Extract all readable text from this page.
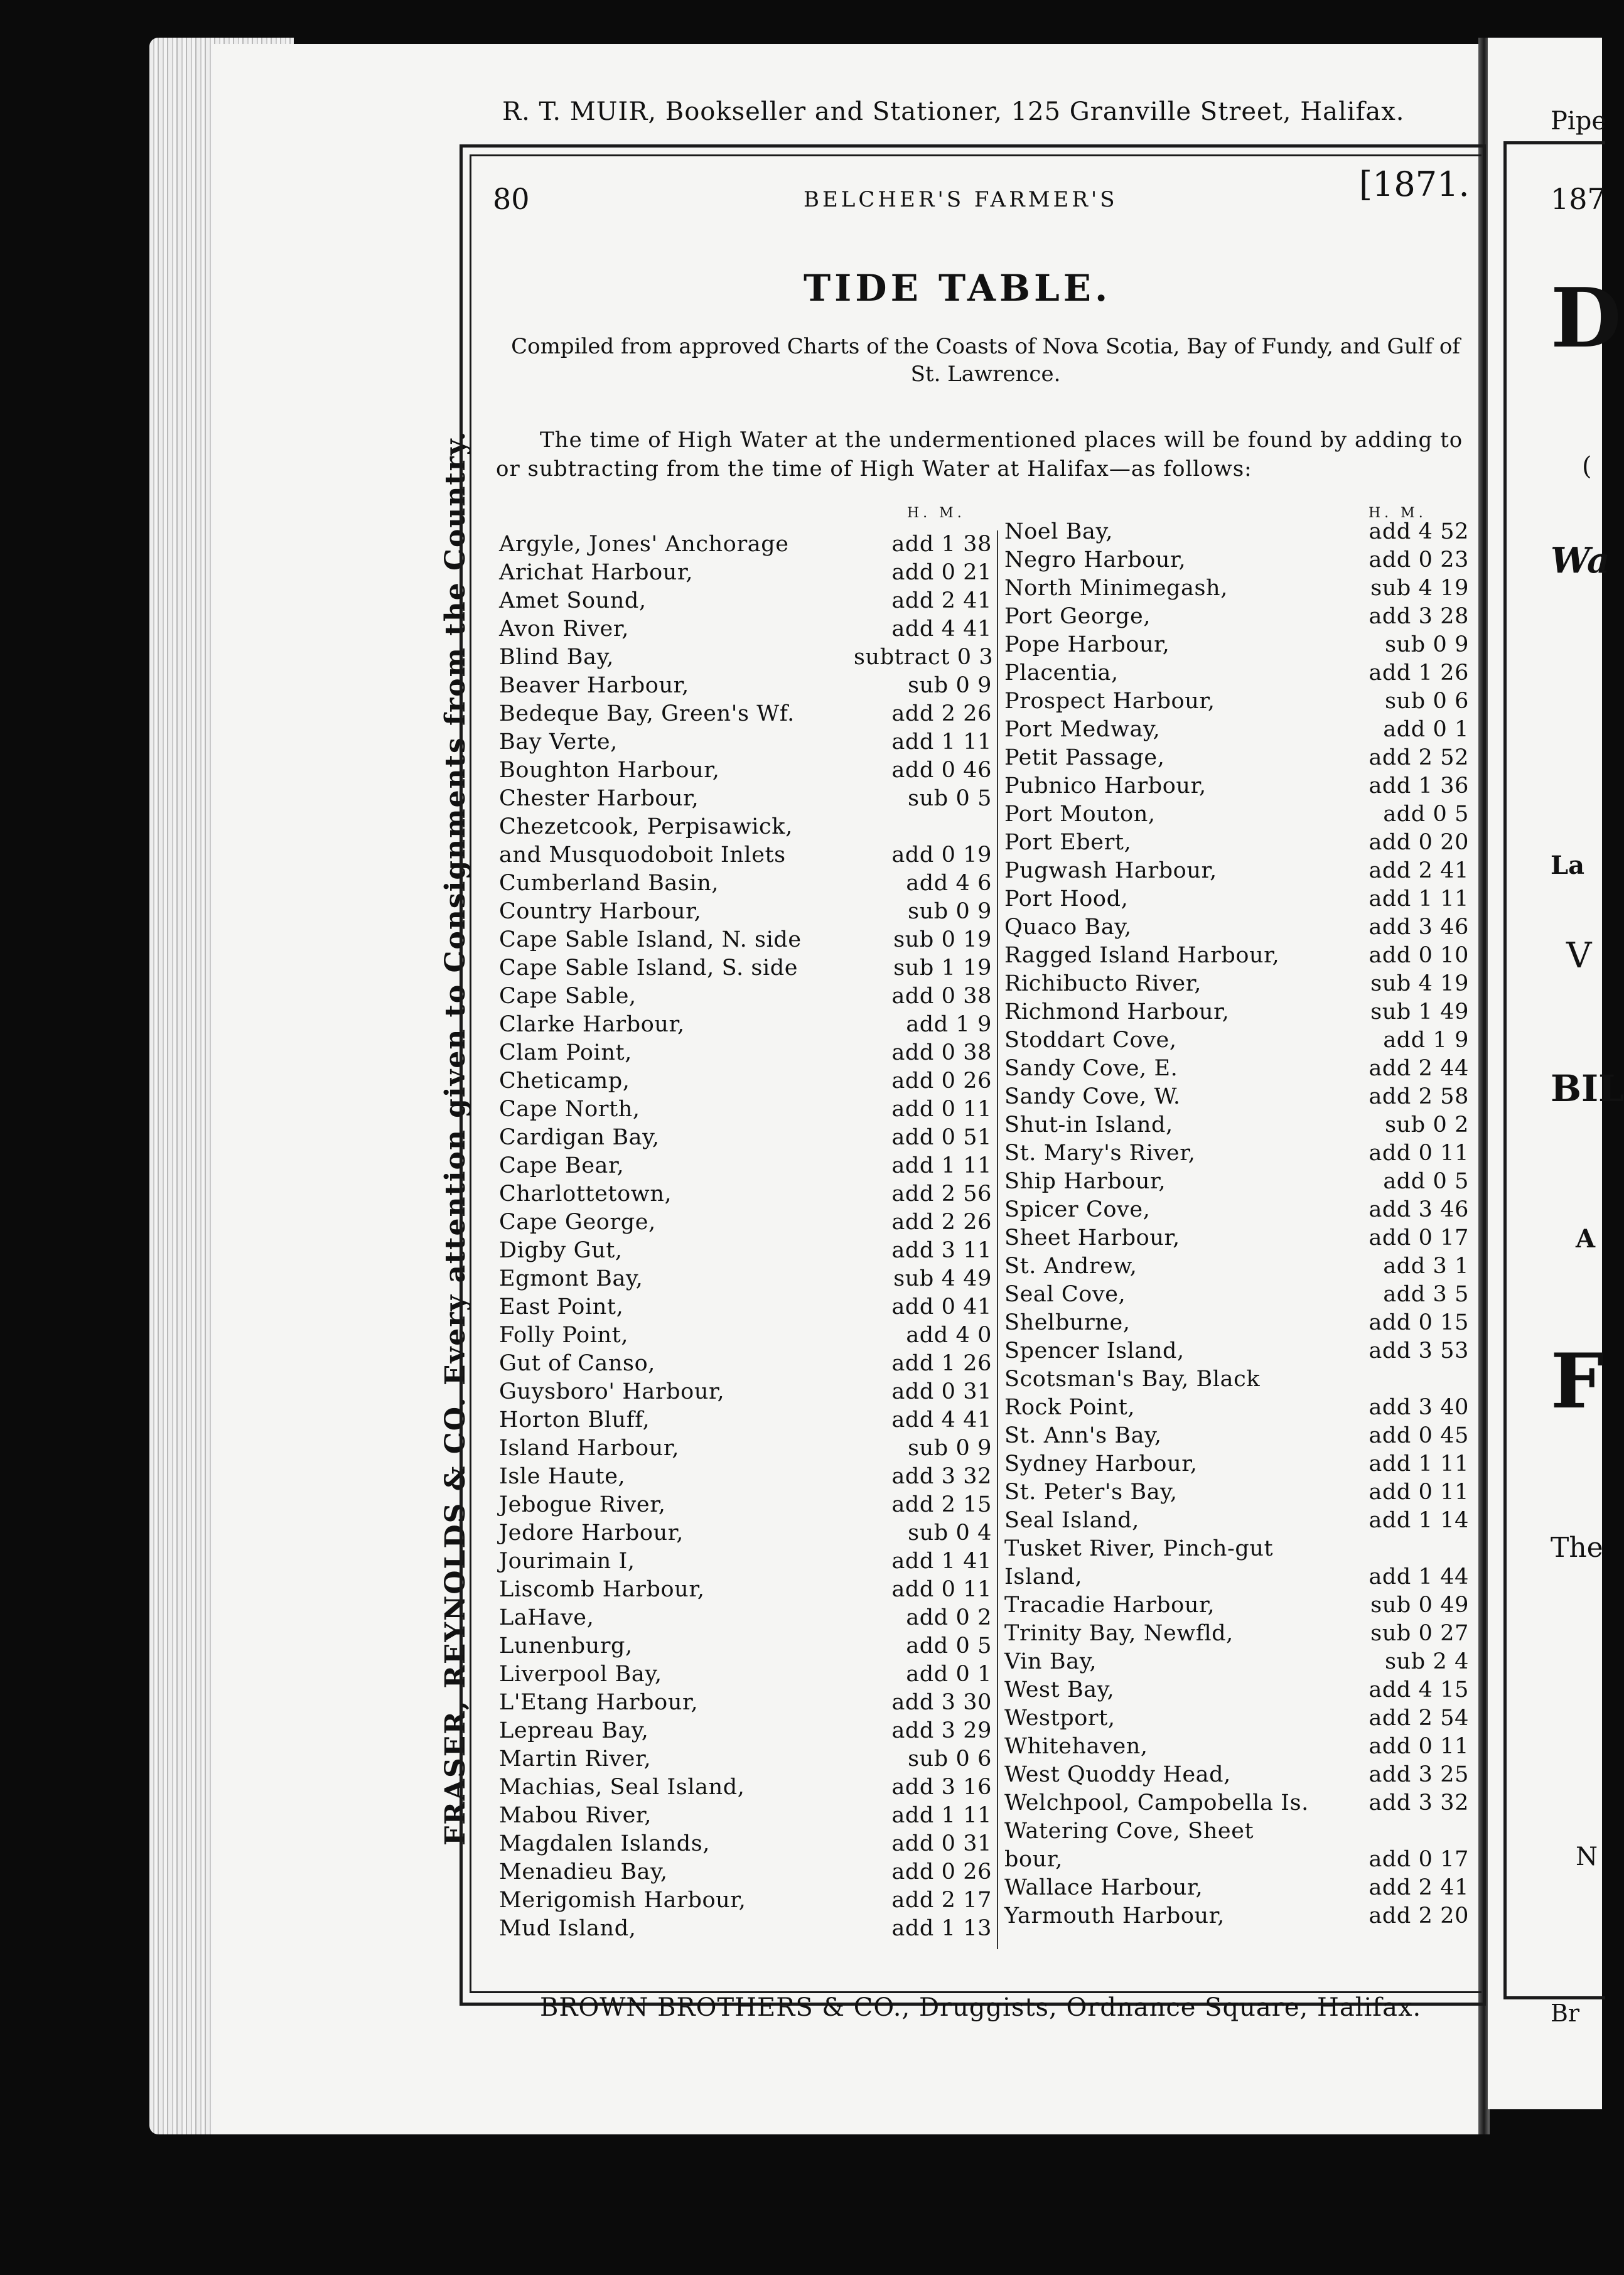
R. T. MUIR, Bookseller and Stationer, 125 Granville Street, Halifax.
FRASER, REYNOLDS & CO. Every attention given to Consignments from the Country.
80	BELCHER'S FARMER'S	[1871.
TIDE TABLE.
Compiled from approved Charts of the Coasts of Nova Scotia, Bay of Fundy, and Gulf of St. Lawrence.
The time of High Water at the undermentioned places will be found by adding to or subtracting from the time of High Water at Halifax—as follows:
H. M.	H. M.
Argyle, Jones' Anchorage	add 1 38
Arichat Harbour,	add 0 21
Amet Sound,	add 2 41
Avon River,	add 4 41
Blind Bay,	subtract 0 3
Beaver Harbour,	sub 0 9
Bedeque Bay, Green's Wf.	add 2 26
Bay Verte,	add 1 11
Boughton Harbour,	add 0 46
Chester Harbour,	sub 0 5
Chezetcook, Perpisawick,
and Musquodoboit Inlets	add 0 19
Cumberland Basin,	add 4 6
Country Harbour,	sub 0 9
Cape Sable Island, N. side	sub 0 19
Cape Sable Island, S. side	sub 1 19
Cape Sable,	add 0 38
Clarke Harbour,	add 1 9
Clam Point,	add 0 38
Cheticamp,	add 0 26
Cape North,	add 0 11
Cardigan Bay,	add 0 51
Cape Bear,	add 1 11
Charlottetown,	add 2 56
Cape George,	add 2 26
Digby Gut,	add 3 11
Egmont Bay,	sub 4 49
East Point,	add 0 41
Folly Point,	add 4 0
Gut of Canso,	add 1 26
Guysboro' Harbour,	add 0 31
Horton Bluff,	add 4 41
Island Harbour,	sub 0 9
Isle Haute,	add 3 32
Jebogue River,	add 2 15
Jedore Harbour,	sub 0 4
Jourimain I,	add 1 41
Liscomb Harbour,	add 0 11
LaHave,	add 0 2
Lunenburg,	add 0 5
Liverpool Bay,	add 0 1
L'Etang Harbour,	add 3 30
Lepreau Bay,	add 3 29
Martin River,	sub 0 6
Machias, Seal Island,	add 3 16
Mabou River,	add 1 11
Magdalen Islands,	add 0 31
Menadieu Bay,	add 0 26
Merigomish Harbour,	add 2 17
Mud Island,	add 1 13
Noel Bay,	add 4 52
Negro Harbour,	add 0 23
North Minimegash,	sub 4 19
Port George,	add 3 28
Pope Harbour,	sub 0 9
Placentia,	add 1 26
Prospect Harbour,	sub 0 6
Port Medway,	add 0 1
Petit Passage,	add 2 52
Pubnico Harbour,	add 1 36
Port Mouton,	add 0 5
Port Ebert,	add 0 20
Pugwash Harbour,	add 2 41
Port Hood,	add 1 11
Quaco Bay,	add 3 46
Ragged Island Harbour,	add 0 10
Richibucto River,	sub 4 19
Richmond Harbour,	sub 1 49
Stoddart Cove,	add 1 9
Sandy Cove, E.	add 2 44
Sandy Cove, W.	add 2 58
Shut-in Island,	sub 0 2
St. Mary's River,	add 0 11
Ship Harbour,	add 0 5
Spicer Cove,	add 3 46
Sheet Harbour,	add 0 17
St. Andrew,	add 3 1
Seal Cove,	add 3 5
Shelburne,	add 0 15
Spencer Island,	add 3 53
Scotsman's Bay, Black
Rock Point,	add 3 40
St. Ann's Bay,	add 0 45
Sydney Harbour,	add 1 11
St. Peter's Bay,	add 0 11
Seal Island,	add 1 14
Tusket River, Pinch-gut
Island,	add 1 44
Tracadie Harbour,	sub 0 49
Trinity Bay, Newfld,	sub 0 27
Vin Bay,	sub 2 4
West Bay,	add 4 15
Westport,	add 2 54
Whitehaven,	add 0 11
West Quoddy Head,	add 3 25
Welchpool, Campobella Is.	add 3 32
Watering Cove, Sheet
bour,	add 0 17
Wallace Harbour,	add 2 41
Yarmouth Harbour,	add 2 20
BROWN BROTHERS & CO., Druggists, Ordnance Square, Halifax.
Pipe
187
D
(
Wa
La
V
BIL
A
F
The
N
Br
